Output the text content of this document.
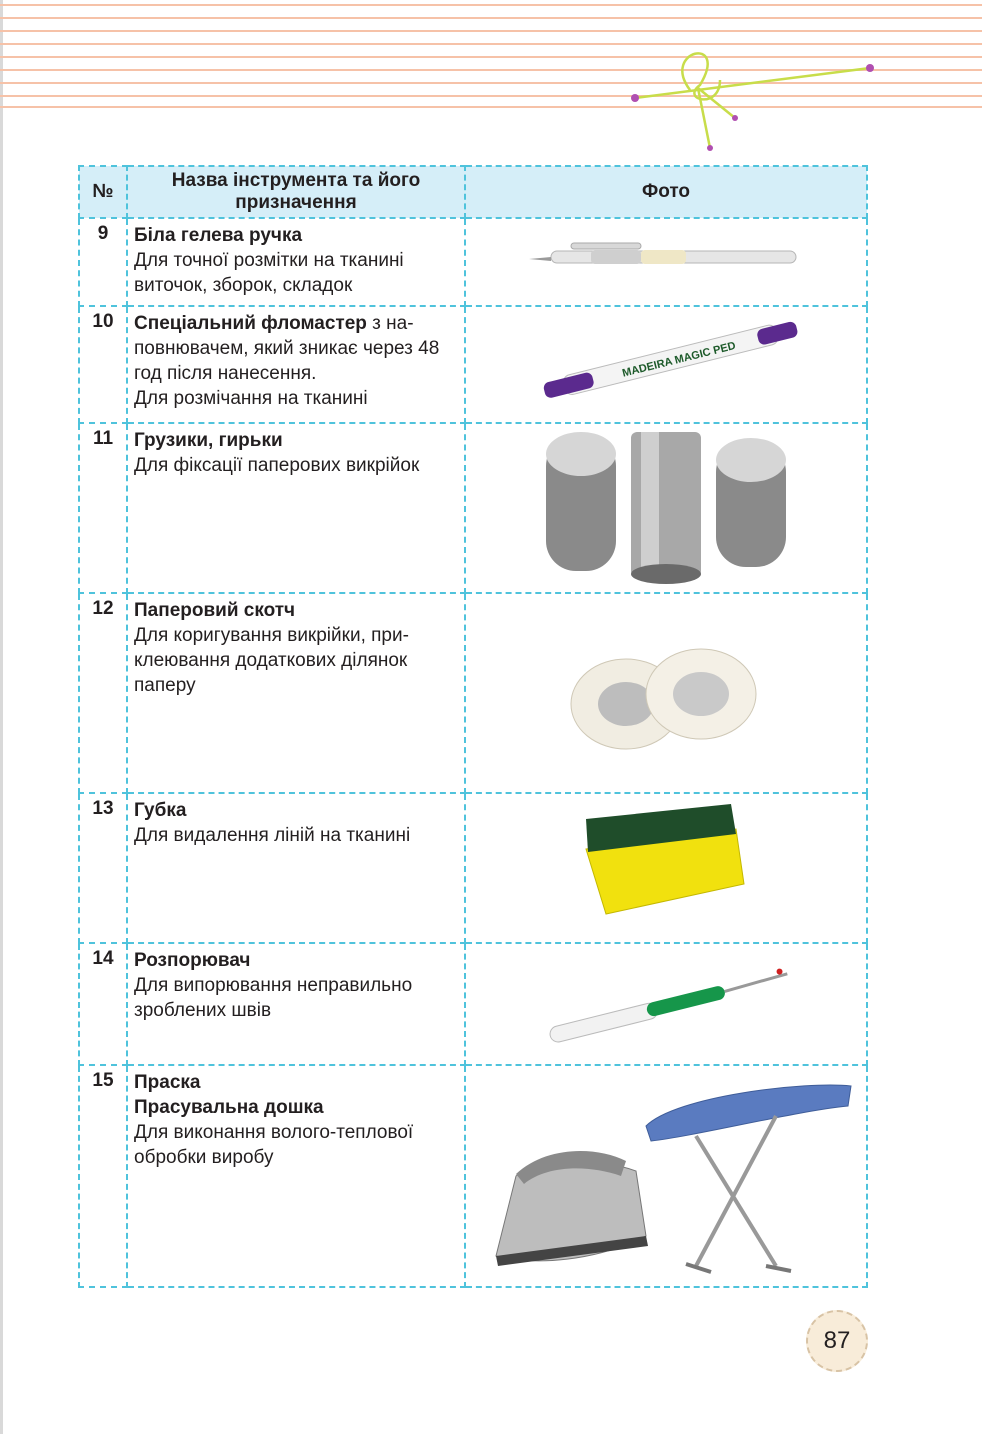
№	Назва інструмента та його призначення	Фото

9	Біла гелева ручка
Для точної розмітки на тканині виточок, зборок, складок

10	Спеціальний фломастер з на-
повнювачем, який зникає через 48 год після нанесення.
Для розмічання на тканині	MADEIRA MAGIC PED

11	Грузики, гирьки
Для фіксації паперових викрійок

12	Паперовий скотч
Для коригування викрійки, при-клеювання додаткових ділянок паперу

13	Губка
Для видалення ліній на тканині

14	Розпорювач
Для випорювання неправильно зроблених швів

15	Праска
Прасувальна дошка
Для виконання волого-теплової обробки виробу

87
